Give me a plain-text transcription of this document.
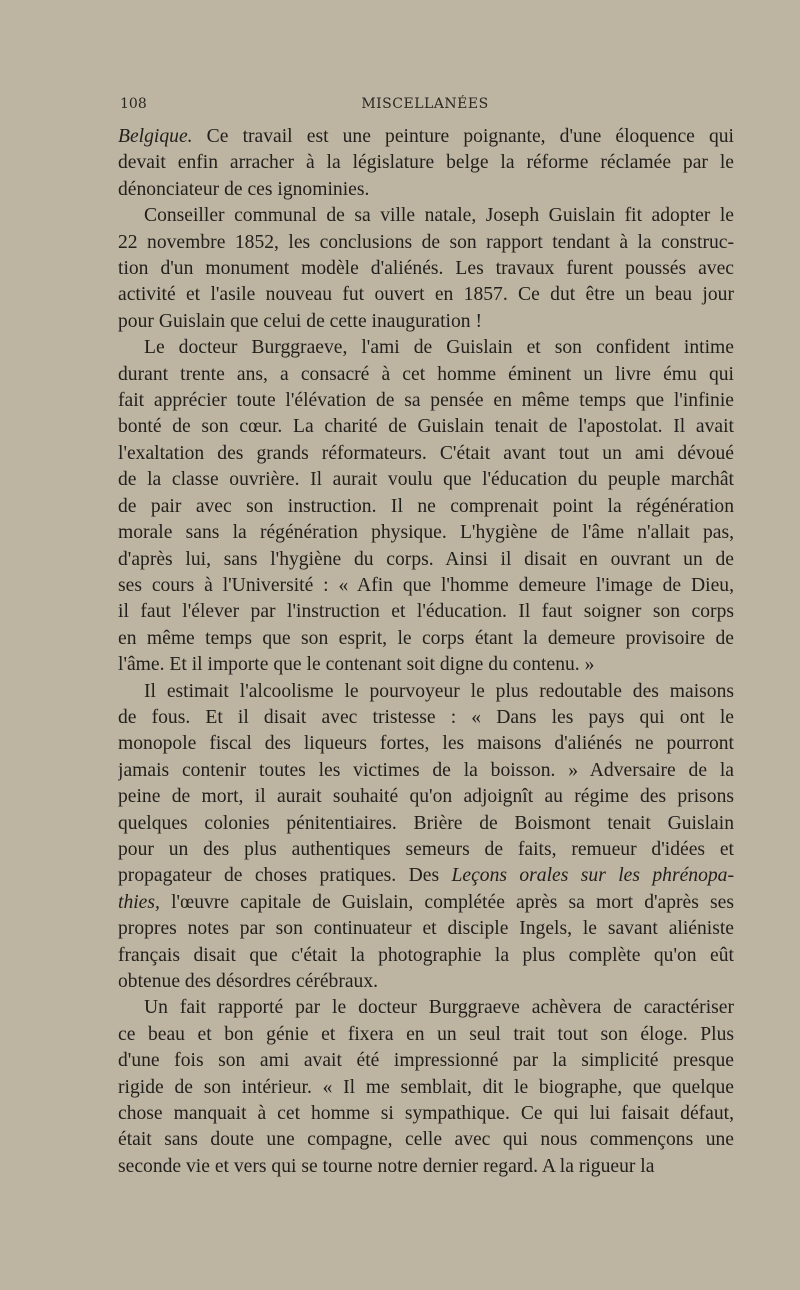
108	MISCELLANÉES
Belgique. Ce travail est une peinture poignante, d'une éloquence qui
devait enfin arracher à la législature belge la réforme réclamée par le
dénonciateur de ces ignominies.
Conseiller communal de sa ville natale, Joseph Guislain fit adopter le
22 novembre 1852, les conclusions de son rapport tendant à la construc-
tion d'un monument modèle d'aliénés. Les travaux furent poussés avec
activité et l'asile nouveau fut ouvert en 1857. Ce dut être un beau jour
pour Guislain que celui de cette inauguration !
Le docteur Burggraeve, l'ami de Guislain et son confident intime
durant trente ans, a consacré à cet homme éminent un livre ému qui
fait apprécier toute l'élévation de sa pensée en même temps que l'infinie
bonté de son cœur. La charité de Guislain tenait de l'apostolat. Il avait
l'exaltation des grands réformateurs. C'était avant tout un ami dévoué
de la classe ouvrière. Il aurait voulu que l'éducation du peuple marchât
de pair avec son instruction. Il ne comprenait point la régénération
morale sans la régénération physique. L'hygiène de l'âme n'allait pas,
d'après lui, sans l'hygiène du corps. Ainsi il disait en ouvrant un de
ses cours à l'Université : « Afin que l'homme demeure l'image de Dieu,
il faut l'élever par l'instruction et l'éducation. Il faut soigner son corps
en même temps que son esprit, le corps étant la demeure provisoire de
l'âme. Et il importe que le contenant soit digne du contenu. »
Il estimait l'alcoolisme le pourvoyeur le plus redoutable des maisons
de fous. Et il disait avec tristesse : « Dans les pays qui ont le
monopole fiscal des liqueurs fortes, les maisons d'aliénés ne pourront
jamais contenir toutes les victimes de la boisson. » Adversaire de la
peine de mort, il aurait souhaité qu'on adjoignît au régime des prisons
quelques colonies pénitentiaires. Brière de Boismont tenait Guislain
pour un des plus authentiques semeurs de faits, remueur d'idées et
propagateur de choses pratiques. Des Leçons orales sur les phrénopa-
thies, l'œuvre capitale de Guislain, complétée après sa mort d'après ses
propres notes par son continuateur et disciple Ingels, le savant aliéniste
français disait que c'était la photographie la plus complète qu'on eût
obtenue des désordres cérébraux.
Un fait rapporté par le docteur Burggraeve achèvera de caractériser
ce beau et bon génie et fixera en un seul trait tout son éloge. Plus
d'une fois son ami avait été impressionné par la simplicité presque
rigide de son intérieur. « Il me semblait, dit le biographe, que quelque
chose manquait à cet homme si sympathique. Ce qui lui faisait défaut,
était sans doute une compagne, celle avec qui nous commençons une
seconde vie et vers qui se tourne notre dernier regard. A la rigueur la
